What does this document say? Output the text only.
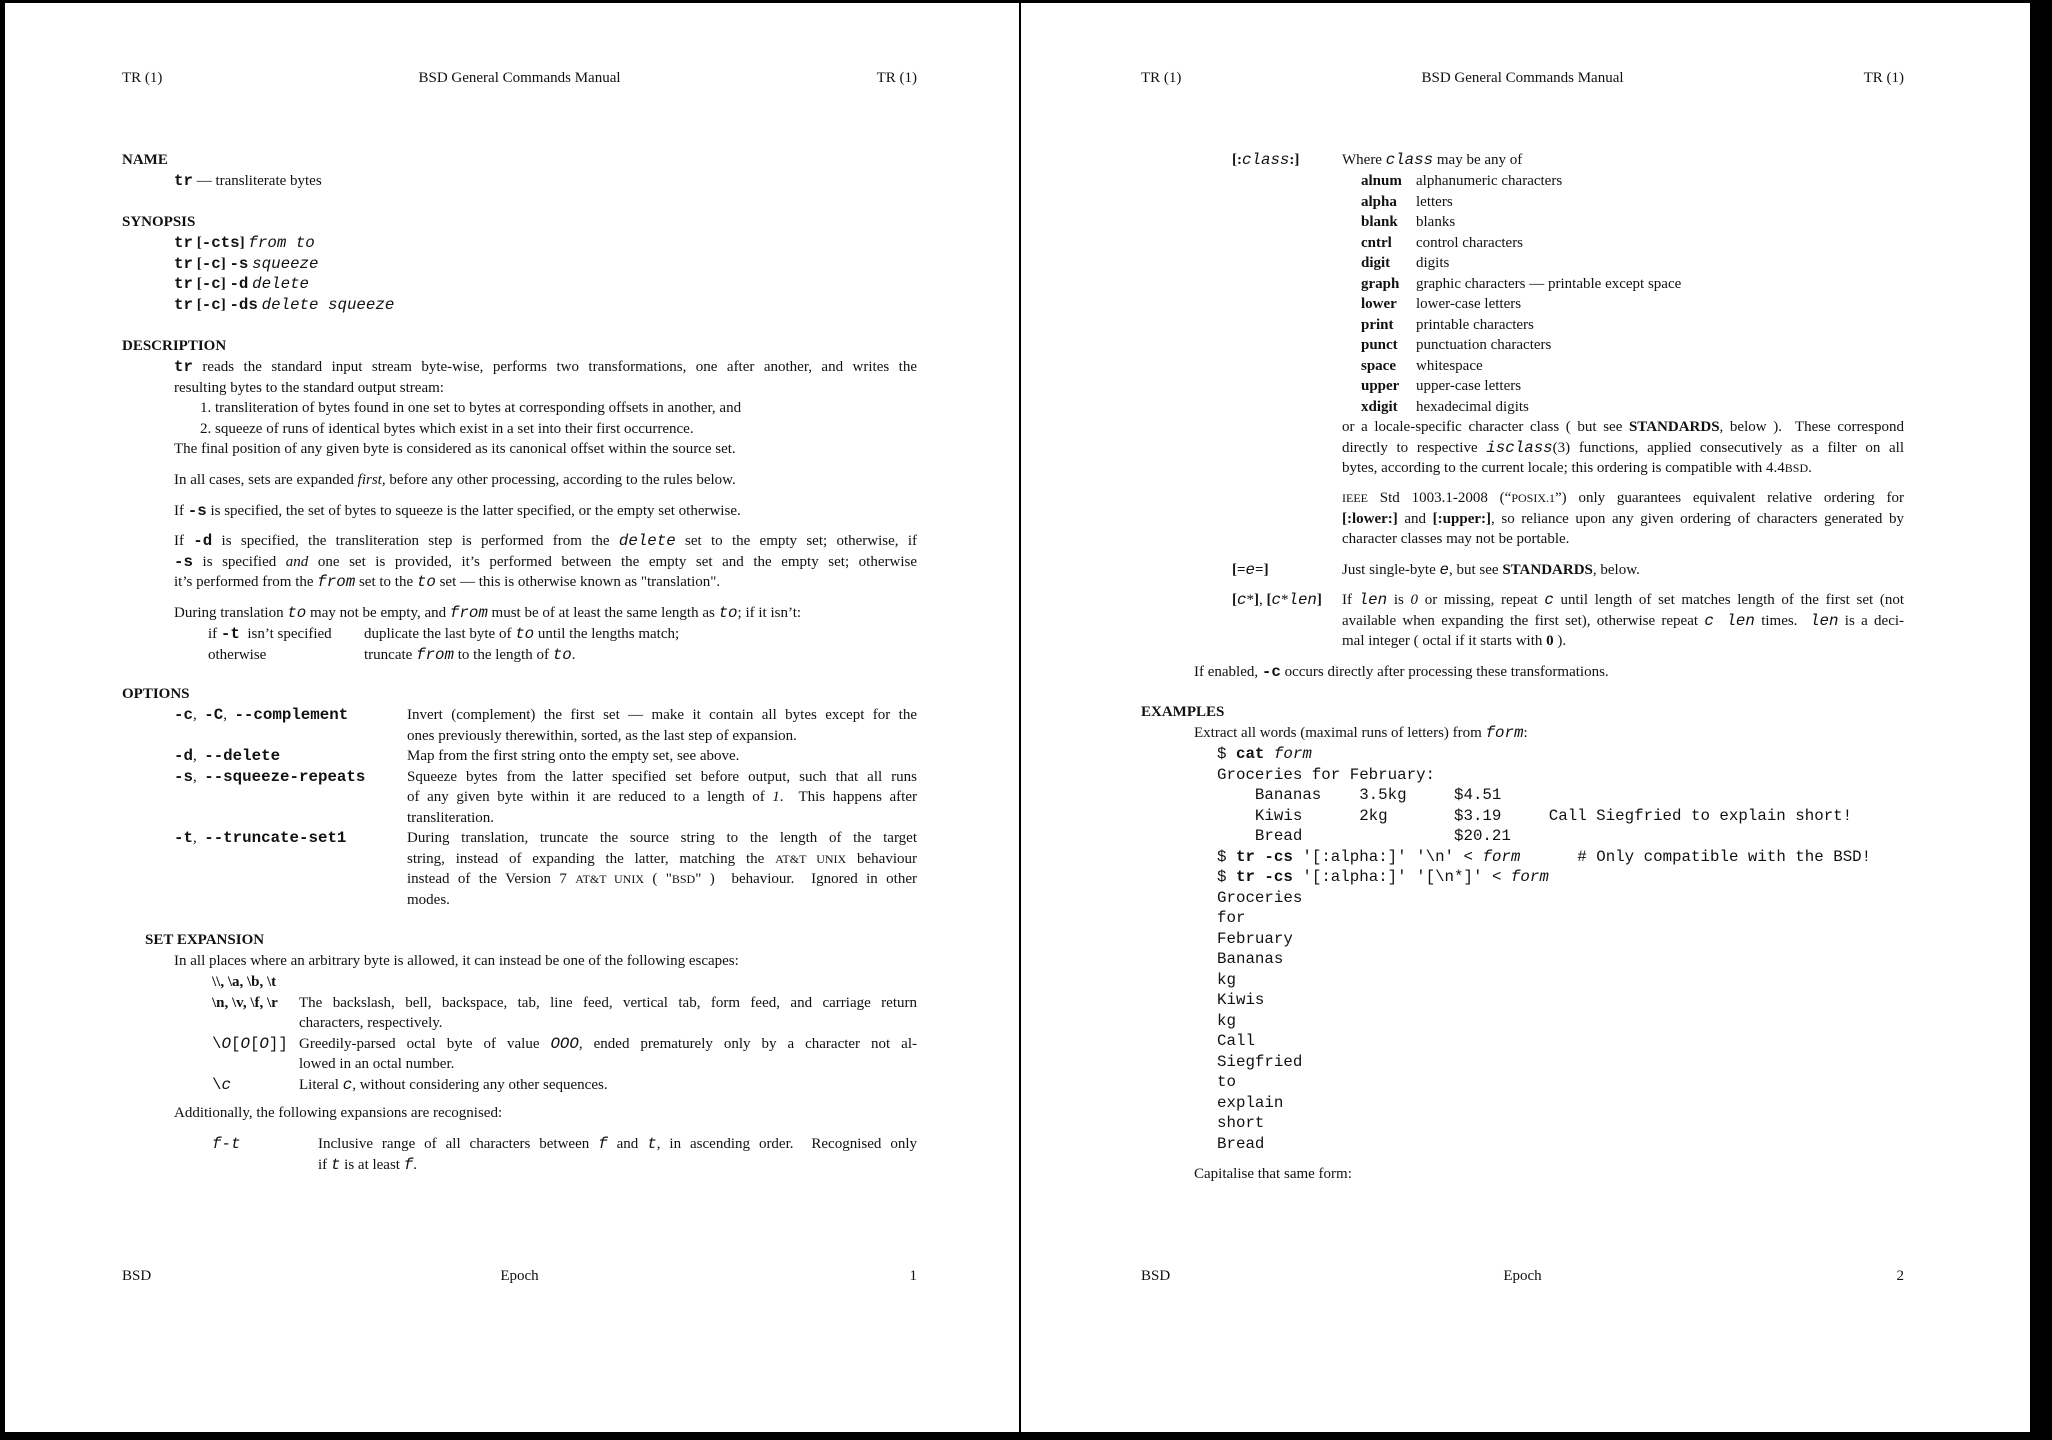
TR (1)	TR (1)
BSD General Commands Manual
NAME
tr — transliterate bytes
SYNOPSIS
tr [-cts] from to
tr [-c] -s squeeze
tr [-c] -d delete
tr [-c] -ds delete squeeze
DESCRIPTION
tr reads the standard input stream byte-wise, performs two transformations, one after another, and writes the
resulting bytes to the standard output stream:
1. transliteration of bytes found in one set to bytes at corresponding offsets in another, and
2. squeeze of runs of identical bytes which exist in a set into their first occurrence.
The final position of any given byte is considered as its canonical offset within the source set.
In all cases, sets are expanded first, before any other processing, according to the rules below.
If -s is specified, the set of bytes to squeeze is the latter specified, or the empty set otherwise.
If -d is specified, the transliteration step is performed from the delete set to the empty set; otherwise, if
-s is specified and one set is provided, it’s performed between the empty set and the empty set; otherwise
it’s performed from the from set to the to set — this is otherwise known as "translation".
During translation to may not be empty, and from must be of at least the same length as to; if it isn’t:
if -t  isn’t specified	duplicate the last byte of to until the lengths match;
otherwise	truncate from to the length of to.
OPTIONS
-c,  -C,  --complement	Invert (complement) the first set — make it contain all bytes except for the
ones previously therewithin, sorted, as the last step of expansion.
-d,  --delete	Map from the first string onto the empty set, see above.
-s,  --squeeze-repeats	Squeeze bytes from the latter specified set before output, such that all runs
of any given byte within it are reduced to a length of 1.  This happens after
transliteration.
-t,  --truncate-set1	During translation, truncate the source string to the length of the target
string, instead of expanding the latter, matching the AT&T UNIX behaviour
instead of the Version 7 AT&T UNIX ( "BSD" )  behaviour.  Ignored in other
modes.
SET EXPANSION
In all places where an arbitrary byte is allowed, it can instead be one of the following escapes:
\\, \a, \b, \t
\n, \v, \f, \r	The backslash, bell, backspace, tab, line feed, vertical tab, form feed, and carriage return
characters, respectively.
\O[O[O]] Greedily-parsed octal byte of value OOO, ended prematurely only by a character not al-
lowed in an octal number.
\c	Literal c, without considering any other sequences.
Additionally, the following expansions are recognised:
f-t	Inclusive range of all characters between f and t, in ascending order.  Recognised only
if t is at least f.
BSD	1
Epoch
TR (1)	TR (1)
BSD General Commands Manual
[:class:]	Where class may be any of
alnum alphanumeric characters
alpha	letters
blank	blanks
cntrl	control characters
digit	digits
graph	graphic characters — printable except space
lower	lower-case letters
print	printable characters
punct	punctuation characters
space	whitespace
upper	upper-case letters
xdigit	hexadecimal digits
or a locale-specific character class ( but see STANDARDS, below ).  These correspond
directly to respective isclass(3) functions, applied consecutively as a filter on all
bytes, according to the current locale; this ordering is compatible with 4.4BSD.
IEEE Std 1003.1-2008 (“POSIX.1”) only guarantees equivalent relative ordering for
[:lower:] and [:upper:], so reliance upon any given ordering of characters generated by
character classes may not be portable.
[=e=]	Just single-byte e, but see STANDARDS, below.
[c*], [c*len]	If len is 0 or missing, repeat c until length of set matches length of the first set (not
available when expanding the first set), otherwise repeat c len times.  len is a deci-
mal integer ( octal if it starts with 0 ).
If enabled, -c occurs directly after processing these transformations.
EXAMPLES
Extract all words (maximal runs of letters) from form:
$ cat form
Groceries for February:
Bananas    3.5kg     $4.51
Kiwis      2kg       $3.19     Call Siegfried to explain short!
Bread                $20.21
$ tr -cs '[:alpha:]' '\n' < form      # Only compatible with the BSD!
$ tr -cs '[:alpha:]' '[\n*]' < form
Groceries
for
February
Bananas
kg
Kiwis
kg
Call
Siegfried
to
explain
short
Bread
Capitalise that same form:
BSD	2
Epoch
